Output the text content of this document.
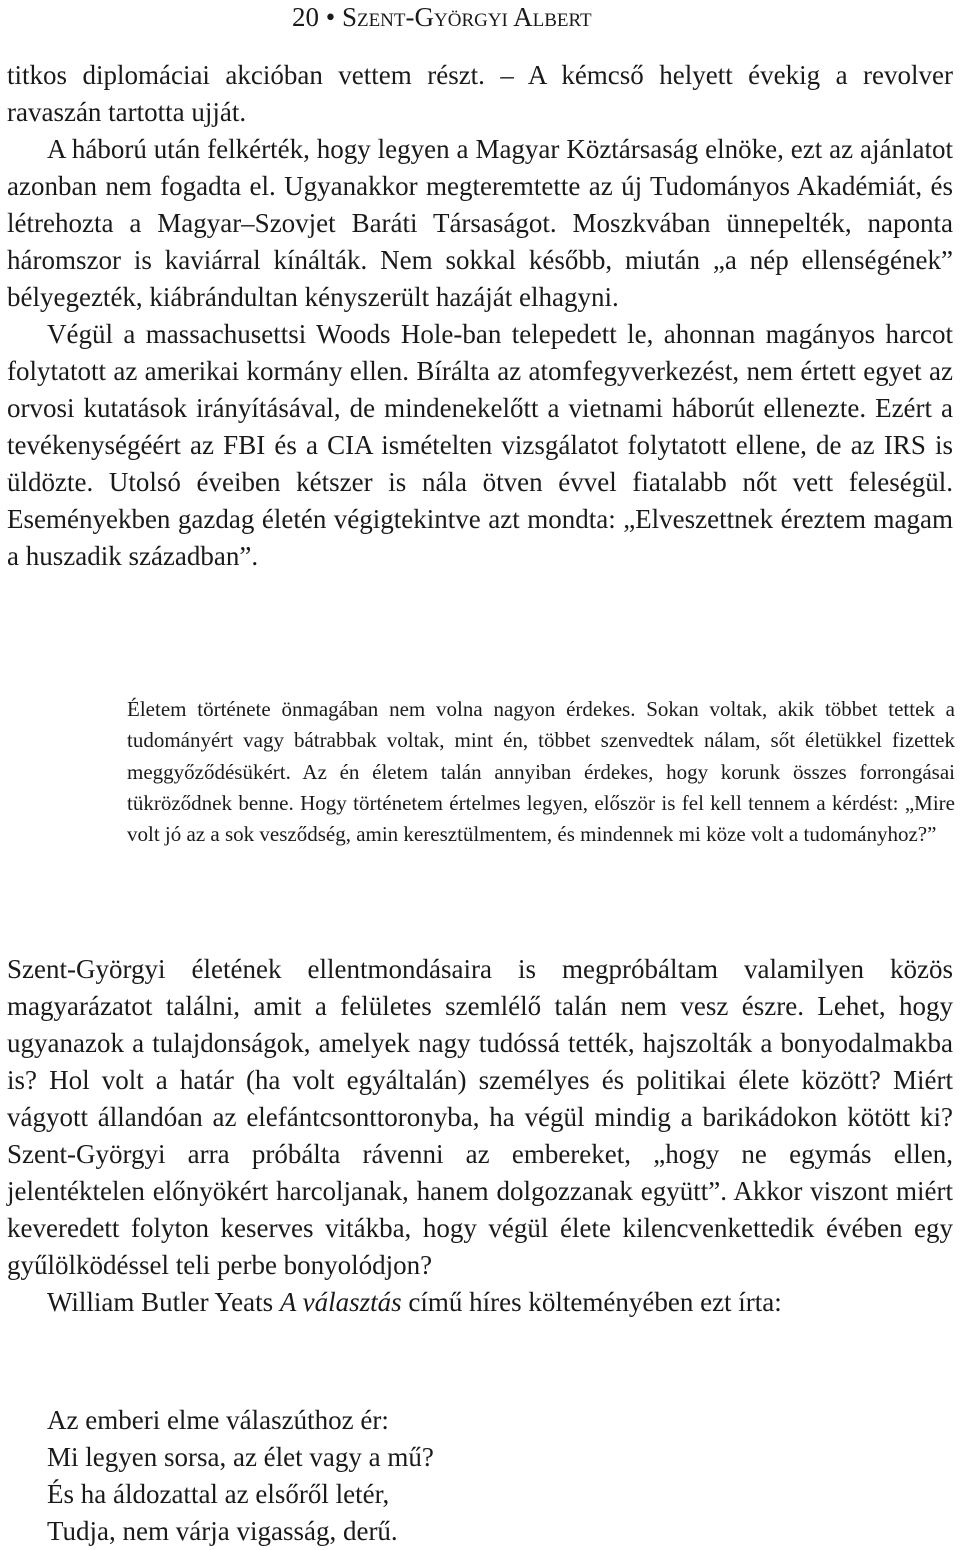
20 • Szent-Györgyi Albert

titkos diplomáciai akcióban vettem részt. – A kémcső helyett évekig a revolver ravaszán tartotta ujját.

A háború után felkérték, hogy legyen a Magyar Köztársaság elnöke, ezt az ajánlatot azonban nem fogadta el. Ugyanakkor megteremtette az új Tudományos Akadémiát, és létrehozta a Magyar–Szovjet Baráti Társaságot. Moszkvában ünnepelték, naponta háromszor is kaviárral kínálták. Nem sokkal később, miután „a nép ellenségének” bélyegezték, kiábrándultan kényszerült hazáját elhagyni.

Végül a massachusettsi Woods Hole-ban telepedett le, ahonnan magányos harcot folytatott az amerikai kormány ellen. Bírálta az atomfegyverkezést, nem értett egyet az orvosi kutatások irányításával, de mindenekelőtt a vietnami háborút ellenezte. Ezért a tevékenységéért az FBI és a CIA ismételten vizsgálatot folytatott ellene, de az IRS is üldözte. Utolsó éveiben kétszer is nála ötven évvel fiatalabb nőt vett feleségül. Eseményekben gazdag életén végigtekintve azt mondta: „Elveszettnek éreztem magam a huszadik században”.

Életem története önmagában nem volna nagyon érdekes. Sokan voltak, akik többet tettek a tudományért vagy bátrabbak voltak, mint én, többet szenvedtek nálam, sőt életükkel fizettek meggyőződésükért. Az én életem talán annyiban érdekes, hogy korunk összes forrongásai tükröződnek benne. Hogy történetem értelmes legyen, először is fel kell tennem a kérdést: „Mire volt jó az a sok vesződség, amin keresztülmentem, és mindennek mi köze volt a tudományhoz?”

Szent-Györgyi életének ellentmondásaira is megpróbáltam valamilyen közös magyarázatot találni, amit a felületes szemlélő talán nem vesz észre. Lehet, hogy ugyanazok a tulajdonságok, amelyek nagy tudóssá tették, hajszolták a bonyodalmakba is? Hol volt a határ (ha volt egyáltalán) személyes és politikai élete között? Miért vágyott állandóan az elefántcsonttoronyba, ha végül mindig a barikádokon kötött ki? Szent-Györgyi arra próbálta rávenni az embereket, „hogy ne egymás ellen, jelentéktelen előnyökért harcoljanak, hanem dolgozzanak együtt”. Akkor viszont miért keveredett folyton keserves vitákba, hogy végül élete kilencvenkettedik évében egy gyűlölködéssel teli perbe bonyolódjon?

William Butler Yeats A választás című híres költeményében ezt írta:

Az emberi elme válaszúthoz ér:
Mi legyen sorsa, az élet vagy a mű?
És ha áldozattal az elsőről letér,
Tudja, nem várja vigasság, derű.
